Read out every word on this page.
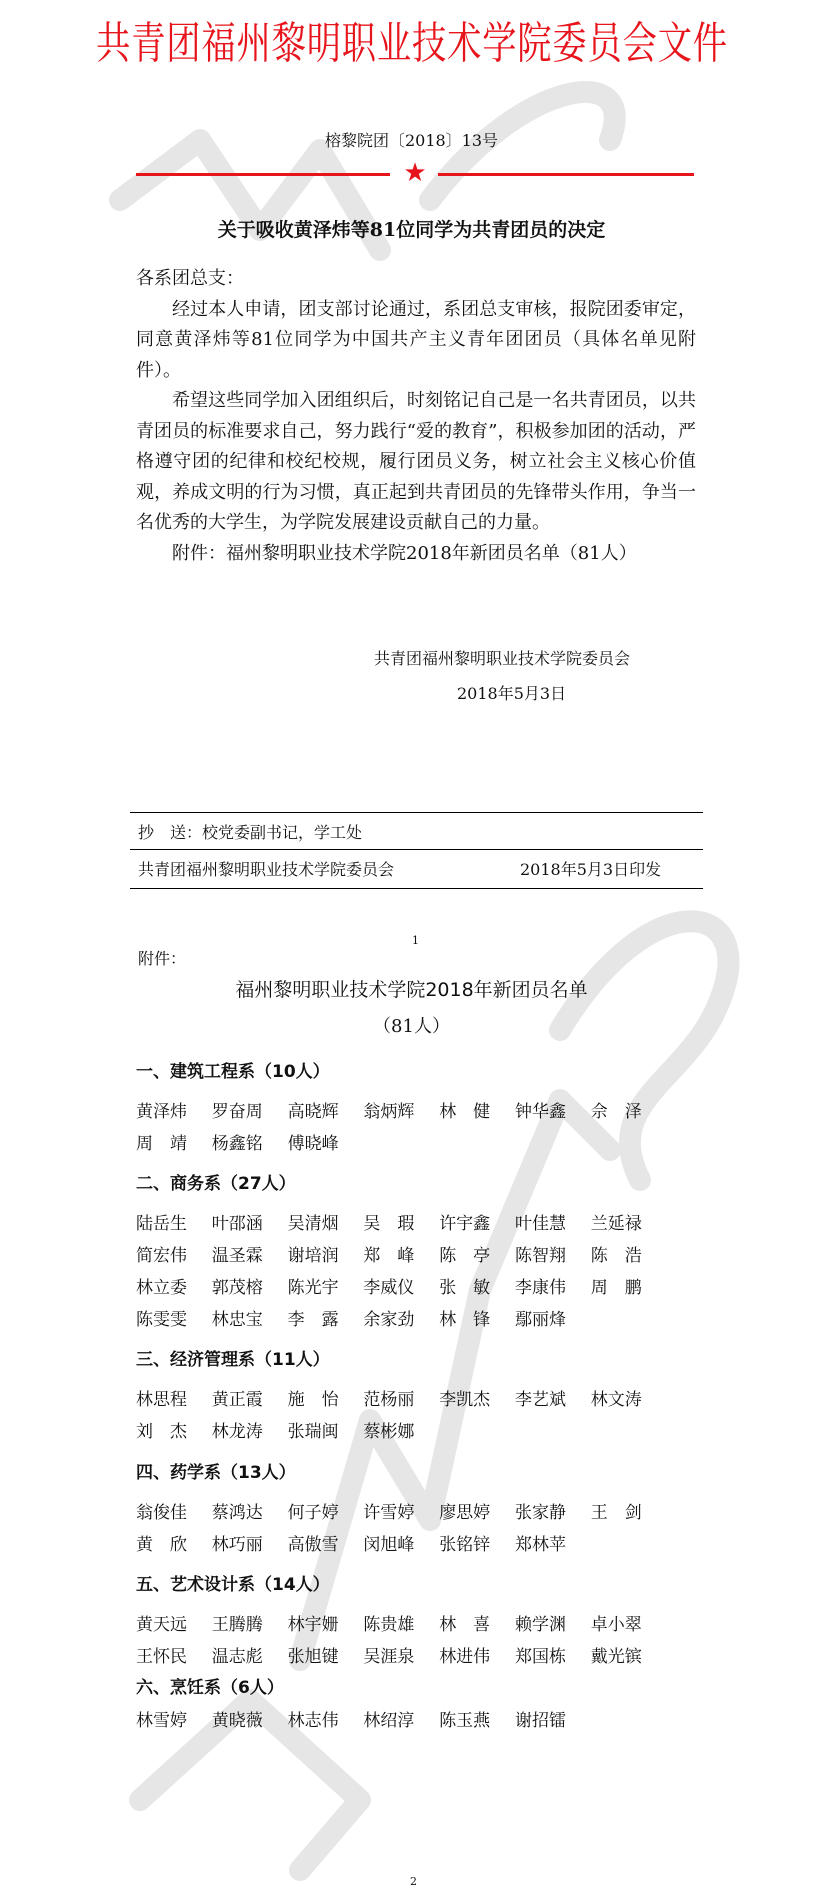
共青团福州黎明职业技术学院委员会文件
榕黎院团〔2018〕13号
★
关于吸收黄泽炜等81位同学为共青团员的决定

各系团总支：

经过本人申请，团支部讨论通过，系团总支审核，报院团委审定，同意黄泽炜等81位同学为中国共产主义青年团团员（具体名单见附件）。

希望这些同学加入团组织后，时刻铭记自己是一名共青团员，以共青团员的标准要求自己，努力践行“爱的教育”，积极参加团的活动，严格遵守团的纪律和校纪校规，履行团员义务，树立社会主义核心价值观，养成文明的行为习惯，真正起到共青团员的先锋带头作用，争当一名优秀的大学生，为学院发展建设贡献自己的力量。

附件：福州黎明职业技术学院2018年新团员名单（81人）

共青团福州黎明职业技术学院委员会
2018年5月3日
抄　送：校党委副书记，学工处
共青团福州黎明职业技术学院委员会	2018年5月3日印发
1
附件：
福州黎明职业技术学院2018年新团员名单
（81人）
一、建筑工程系（10人）
黄泽炜 罗奋周 高晓辉 翁炳辉 林　健 钟华鑫 佘　泽
周　靖 杨鑫铭 傅晓峰
二、商务系（27人）
陆岳生 叶邵涵 吴清烟 吴　瑕 许宇鑫 叶佳慧 兰延禄
简宏伟 温圣霖 谢培润 郑　峰 陈　亭 陈智翔 陈　浩
林立委 郭茂榕 陈光宇 李威仪 张　敏 李康伟 周　鹏
陈雯雯 林忠宝 李　露 余家劲 林　锋 鄢丽烽
三、经济管理系（11人）
林思程 黄正霞 施　怡 范杨丽 李凯杰 李艺斌 林文涛
刘　杰 林龙涛 张瑞闽 蔡彬娜
四、药学系（13人）
翁俊佳 蔡鸿达 何子婷 许雪婷 廖思婷 张家静 王　剑
黄　欣 林巧丽 高傲雪 闵旭峰 张铭锌 郑林苹
五、艺术设计系（14人）
黄天远 王腾腾 林宇姗 陈贵雄 林　喜 赖学渊 卓小翠
王怀民 温志彪 张旭键 吴涯泉 林进伟 郑国栋 戴光镔
六、烹饪系（6人）
林雪婷 黄晓薇 林志伟 林绍淳 陈玉燕 谢招镭
2
